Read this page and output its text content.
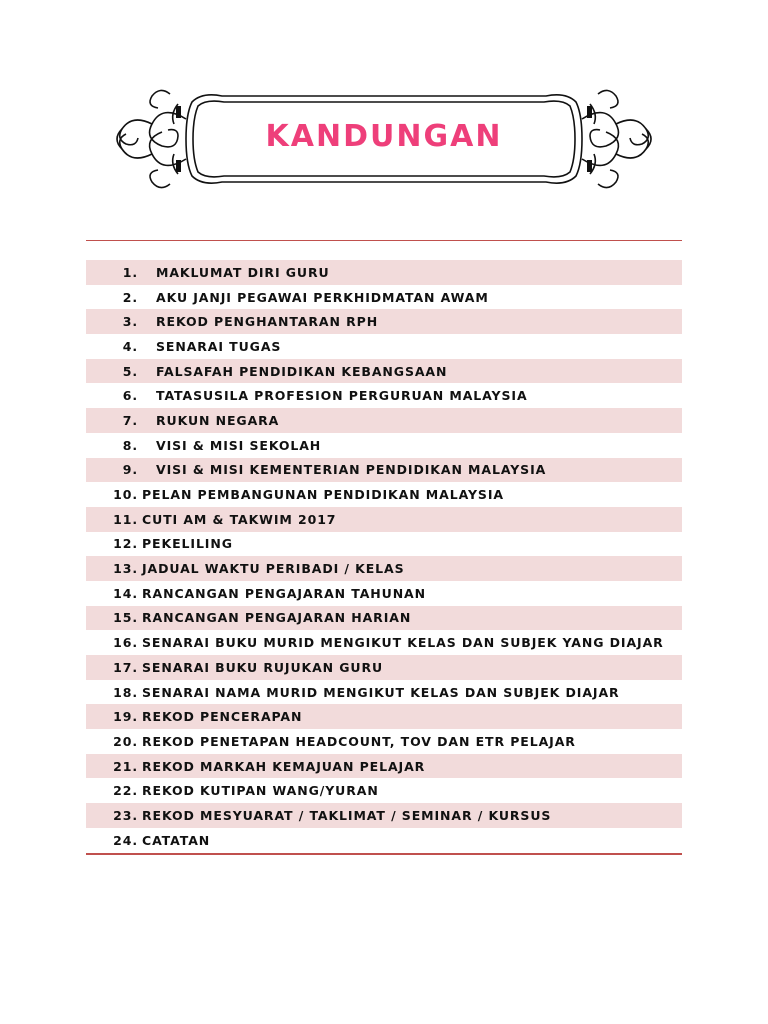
KANDUNGAN
1.	MAKLUMAT DIRI GURU
2.	AKU JANJI PEGAWAI PERKHIDMATAN AWAM
3.	REKOD PENGHANTARAN RPH
4.	SENARAI TUGAS
5.	FALSAFAH PENDIDIKAN KEBANGSAAN
6.	TATASUSILA PROFESION PERGURUAN MALAYSIA
7.	RUKUN NEGARA
8.	VISI & MISI SEKOLAH
9.	VISI & MISI KEMENTERIAN PENDIDIKAN MALAYSIA
10. PELAN PEMBANGUNAN PENDIDIKAN MALAYSIA
11. CUTI AM & TAKWIM 2017
12. PEKELILING
13. JADUAL WAKTU PERIBADI / KELAS
14. RANCANGAN PENGAJARAN TAHUNAN
15. RANCANGAN PENGAJARAN HARIAN
16. SENARAI BUKU MURID MENGIKUT KELAS DAN SUBJEK YANG DIAJAR
17. SENARAI BUKU RUJUKAN GURU
18. SENARAI NAMA MURID MENGIKUT KELAS DAN SUBJEK DIAJAR
19. REKOD PENCERAPAN
20. REKOD PENETAPAN HEADCOUNT, TOV DAN ETR PELAJAR
21. REKOD MARKAH KEMAJUAN PELAJAR
22. REKOD KUTIPAN WANG/YURAN
23. REKOD MESYUARAT / TAKLIMAT / SEMINAR / KURSUS
24. CATATAN
